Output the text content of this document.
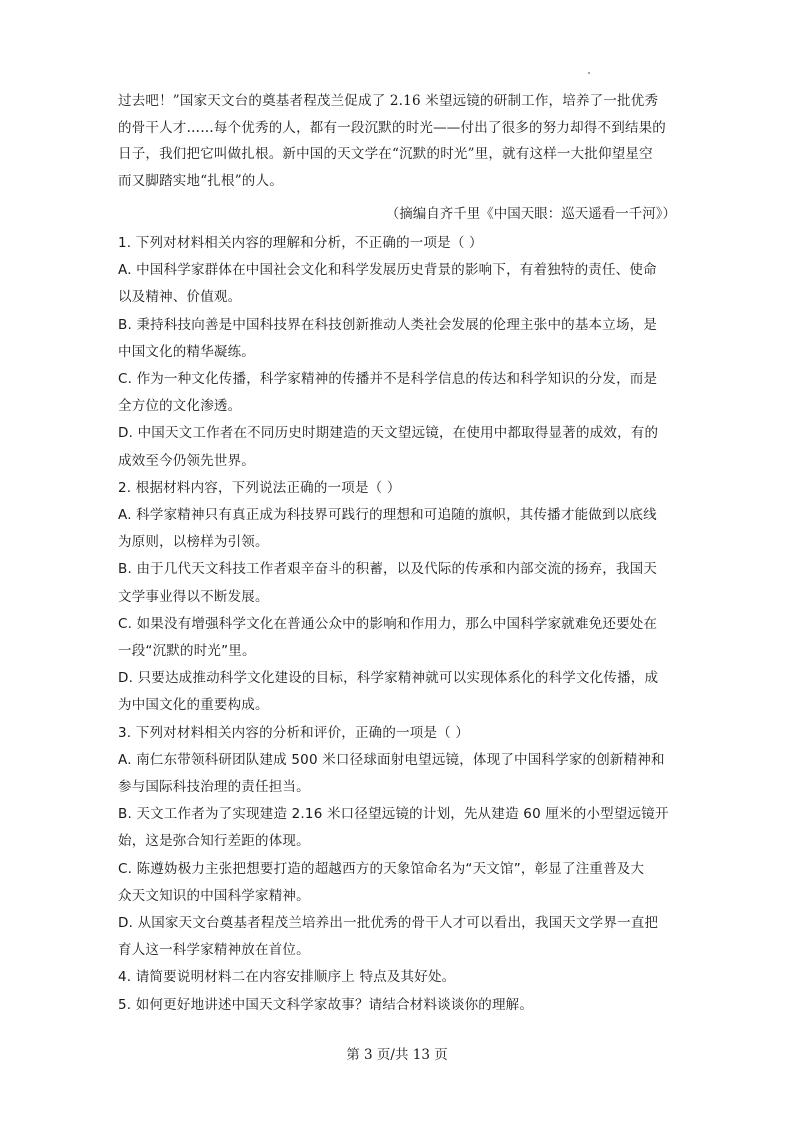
过去吧！”国家天文台的奠基者程茂兰促成了 2.16 米望远镜的研制工作，培养了一批优秀

的骨干人才……每个优秀的人，都有一段沉默的时光——付出了很多的努力却得不到结果的

日子，我们把它叫做扎根。新中国的天文学在“沉默的时光”里，就有这样一大批仰望星空

而又脚踏实地“扎根”的人。

（摘编自齐千里《中国天眼：巡天遥看一千河》）

1. 下列对材料相关内容的理解和分析，不正确的一项是（ ）

A. 中国科学家群体在中国社会文化和科学发展历史背景的影响下，有着独特的责任、使命

以及精神、价值观。

B. 秉持科技向善是中国科技界在科技创新推动人类社会发展的伦理主张中的基本立场，是

中国文化的精华凝练。

C. 作为一种文化传播，科学家精神的传播并不是科学信息的传达和科学知识的分发，而是

全方位的文化渗透。

D. 中国天文工作者在不同历史时期建造的天文望远镜，在使用中都取得显著的成效，有的

成效至今仍领先世界。

2. 根据材料内容，下列说法正确的一项是（ ）

A. 科学家精神只有真正成为科技界可践行的理想和可追随的旗帜，其传播才能做到以底线

为原则，以榜样为引领。

B. 由于几代天文科技工作者艰辛奋斗的积蓄，以及代际的传承和内部交流的扬弃，我国天

文学事业得以不断发展。

C. 如果没有增强科学文化在普通公众中的影响和作用力，那么中国科学家就难免还要处在

一段“沉默的时光”里。

D. 只要达成推动科学文化建设的目标，科学家精神就可以实现体系化的科学文化传播，成

为中国文化的重要构成。

3. 下列对材料相关内容的分析和评价，正确的一项是（ ）

A. 南仁东带领科研团队建成 500 米口径球面射电望远镜，体现了中国科学家的创新精神和

参与国际科技治理的责任担当。

B. 天文工作者为了实现建造 2.16 米口径望远镜的计划，先从建造 60 厘米的小型望远镜开

始，这是弥合知行差距的体现。

C. 陈遵妫极力主张把想要打造的超越西方的天象馆命名为“天文馆”，彰显了注重普及大

众天文知识的中国科学家精神。

D. 从国家天文台奠基者程茂兰培养出一批优秀的骨干人才可以看出，我国天文学界一直把

育人这一科学家精神放在首位。

4. 请简要说明材料二在内容安排顺序上 特点及其好处。

5. 如何更好地讲述中国天文科学家故事？请结合材料谈谈你的理解。

第 3 页/共 13 页
